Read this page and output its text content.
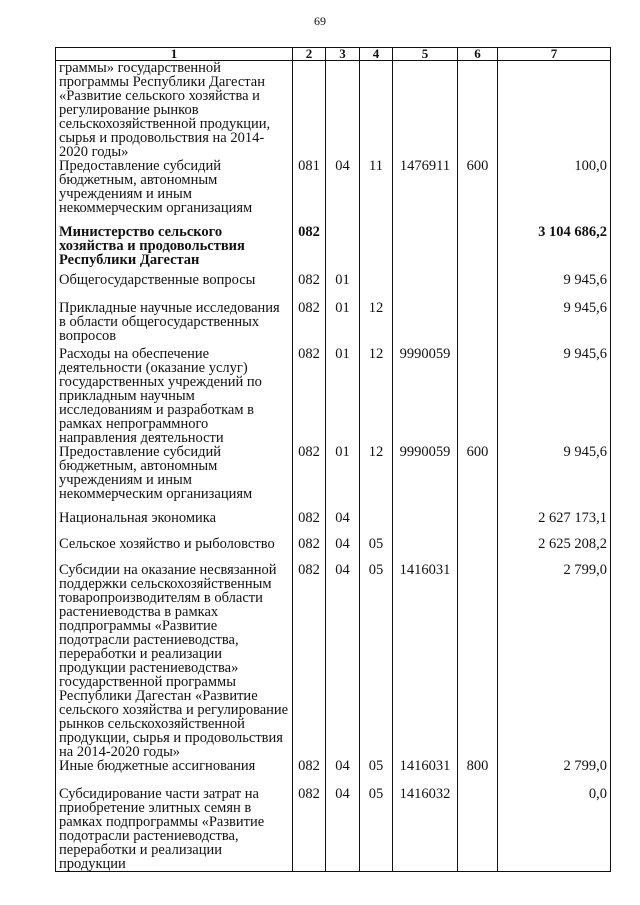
69
1	2	3	4	5	6	7
граммы» государственной программы Республики Дагестан «Развитие сельского хозяйства и регулирование рынков сельскохозяйственной продукции, сырья и продовольствия на 2014-2020 годы»						
Предоставление субсидий бюджетным, автономным учреждениям и иным некоммерческим организациям	081	04	11	1476911	600	100,0
Министерство сельского хозяйства и продовольствия Республики Дагестан	082					3 104 686,2
Общегосударственные вопросы	082	01				9 945,6
Прикладные научные исследования в области общегосударственных вопросов	082	01	12			9 945,6
Расходы на обеспечение деятельности (оказание услуг) государственных учреждений по прикладным научным исследованиям и разработкам в рамках непрограммного направления деятельности	082	01	12	9990059		9 945,6
Предоставление субсидий бюджетным, автономным учреждениям и иным некоммерческим организациям	082	01	12	9990059	600	9 945,6
Национальная экономика	082	04				2 627 173,1
Сельское хозяйство и рыболовство	082	04	05			2 625 208,2
Субсидии на оказание несвязанной поддержки сельскохозяйственным товаропроизводителям в области растениеводства в рамках подпрограммы «Развитие подотрасли растениеводства, переработки и реализации продукции растениеводства» государственной программы Республики Дагестан «Развитие сельского хозяйства и регулирование рынков сельскохозяйственной продукции, сырья и продовольствия на 2014-2020 годы»	082	04	05	1416031		2 799,0
Иные бюджетные ассигнования	082	04	05	1416031	800	2 799,0
Субсидирование части затрат на приобретение элитных семян в рамках подпрограммы «Развитие подотрасли растениеводства, переработки и реализации продукции	082	04	05	1416032		0,0
